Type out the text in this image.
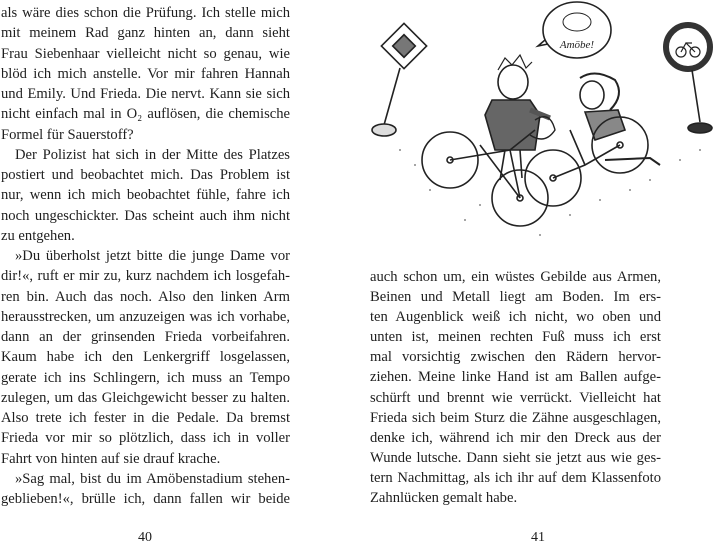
als wäre dies schon die Prüfung. Ich stelle mich
mit meinem Rad ganz hinten an, dann sieht
Frau Siebenhaar vielleicht nicht so genau, wie
blöd ich mich anstelle. Vor mir fahren Hannah
und Emily. Und Frieda. Die nervt. Kann sie sich
nicht einfach mal in O₂ auflösen, die chemische
Formel für Sauerstoff?
Der Polizist hat sich in der Mitte des Platzes
postiert und beobachtet mich. Das Problem ist
nur, wenn ich mich beobachtet fühle, fahre ich
noch ungeschickter. Das scheint auch ihm nicht
zu entgehen.
»Du überholst jetzt bitte die junge Dame vor
dir!«, ruft er mir zu, kurz nachdem ich losgefah-
ren bin. Auch das noch. Also den linken Arm
herausstrecken, um anzuzeigen was ich vorhabe,
dann an der grinsenden Frieda vorbeifahren.
Kaum habe ich den Lenkergriff losgelassen,
gerate ich ins Schlingern, ich muss an Tempo
zulegen, um das Gleichgewicht besser zu halten.
Also trete ich fester in die Pedale. Da bremst
Frieda vor mir so plötzlich, dass ich in voller
Fahrt von hinten auf sie drauf krache.
»Sag mal, bist du im Amöbenstadium stehen-
geblieben!«, brülle ich, dann fallen wir beide
40
Amöbe!
auch schon um, ein wüstes Gebilde aus Armen,
Beinen und Metall liegt am Boden. Im ers-
ten Augenblick weiß ich nicht, wo oben und
unten ist, meinen rechten Fuß muss ich erst
mal vorsichtig zwischen den Rädern hervor-
ziehen. Meine linke Hand ist am Ballen aufge-
schürft und brennt wie verrückt. Vielleicht hat
Frieda sich beim Sturz die Zähne ausgeschlagen,
denke ich, während ich mir den Dreck aus der
Wunde lutsche. Dann sieht sie jetzt aus wie ges-
tern Nachmittag, als ich ihr auf dem Klassenfoto
Zahnlücken gemalt habe.
41
